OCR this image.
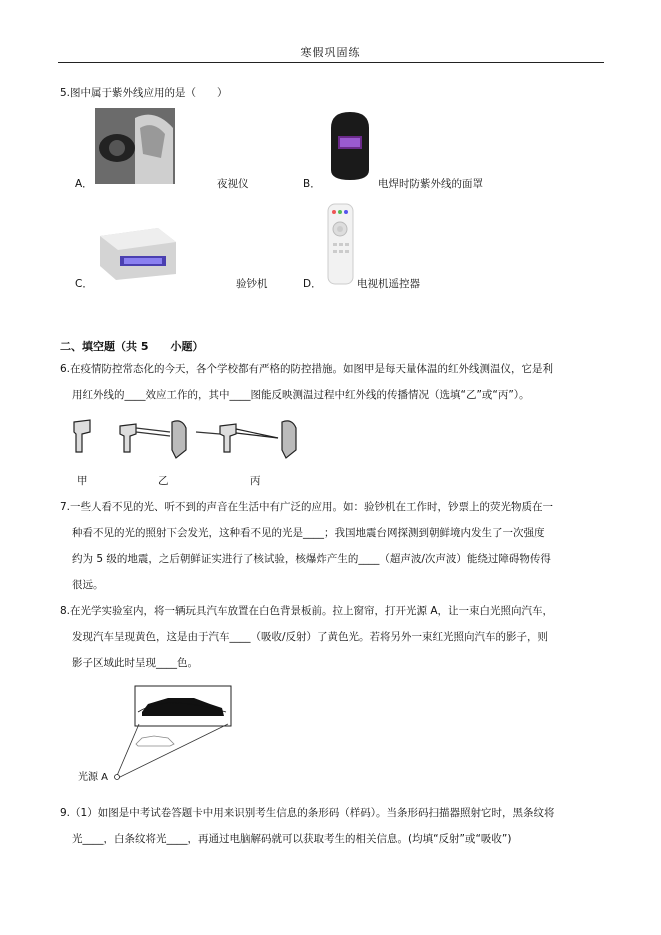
寒假巩固练
5.图中属于紫外线应用的是（　　）
A．	夜视仪	B．	电焊时防紫外线的面罩
C．	验钞机	D．	电视机遥控器
二、填空题（共 5　　小题）
6.在疫情防控常态化的今天，各个学校都有严格的防控措施。如图甲是每天量体温的红外线测温仪，它是利
用红外线的____效应工作的，其中____图能反映测温过程中红外线的传播情况（选填“乙”或“丙”）。
甲	乙	丙
7.一些人看不见的光、听不到的声音在生活中有广泛的应用。如：验钞机在工作时，钞票上的荧光物质在一
种看不见的光的照射下会发光，这种看不见的光是____；我国地震台网探测到朝鲜境内发生了一次强度
约为 5 级的地震，之后朝鲜证实进行了核试验，核爆炸产生的____（超声波/次声波）能绕过障碍物传得
很远。
8.在光学实验室内，将一辆玩具汽车放置在白色背景板前。拉上窗帘，打开光源 A，让一束白光照向汽车，
发现汽车呈现黄色，这是由于汽车____（吸收/反射）了黄色光。若将另外一束红光照向汽车的影子，则
影子区域此时呈现____色。
光源 A
9.（1）如图是中考试卷答题卡中用来识别考生信息的条形码（样码）。当条形码扫描器照射它时，黑条纹将
光____，白条纹将光____，再通过电脑解码就可以获取考生的相关信息。(均填“反射”或“吸收”)
